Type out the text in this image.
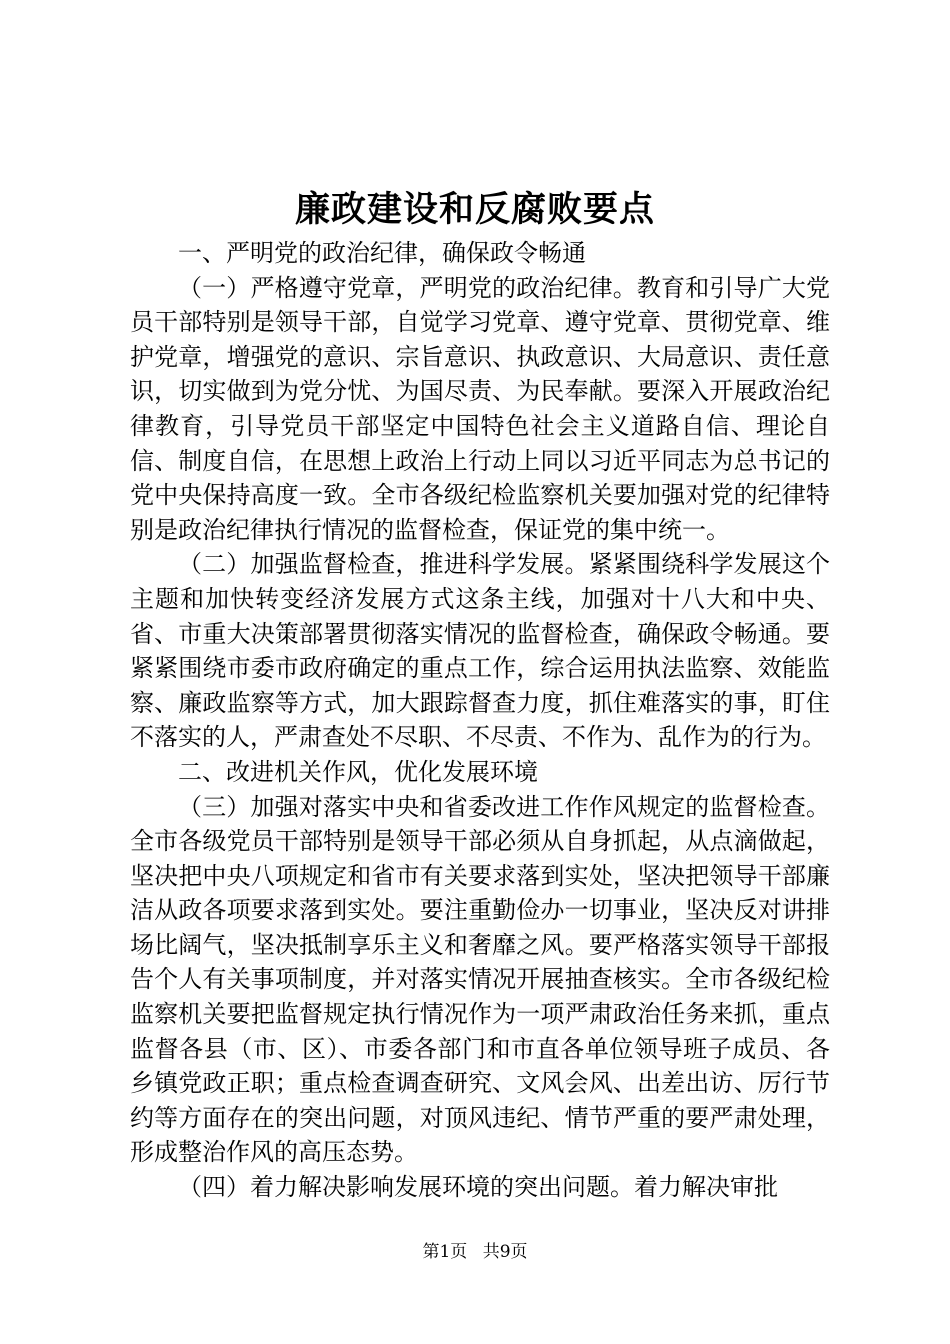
廉政建设和反腐败要点

一、严明党的政治纪律，确保政令畅通

（一）严格遵守党章，严明党的政治纪律。教育和引导广大党员干部特别是领导干部，自觉学习党章、遵守党章、贯彻党章、维护党章，增强党的意识、宗旨意识、执政意识、大局意识、责任意识，切实做到为党分忧、为国尽责、为民奉献。要深入开展政治纪律教育，引导党员干部坚定中国特色社会主义道路自信、理论自信、制度自信，在思想上政治上行动上同以习近平同志为总书记的党中央保持高度一致。全市各级纪检监察机关要加强对党的纪律特别是政治纪律执行情况的监督检查，保证党的集中统一。

（二）加强监督检查，推进科学发展。紧紧围绕科学发展这个主题和加快转变经济发展方式这条主线，加强对十八大和中央、省、市重大决策部署贯彻落实情况的监督检查，确保政令畅通。要紧紧围绕市委市政府确定的重点工作，综合运用执法监察、效能监察、廉政监察等方式，加大跟踪督查力度，抓住难落实的事，盯住不落实的人，严肃查处不尽职、不尽责、不作为、乱作为的行为。

二、改进机关作风，优化发展环境

（三）加强对落实中央和省委改进工作作风规定的监督检查。全市各级党员干部特别是领导干部必须从自身抓起，从点滴做起，坚决把中央八项规定和省市有关要求落到实处，坚决把领导干部廉洁从政各项要求落到实处。要注重勤俭办一切事业，坚决反对讲排场比阔气，坚决抵制享乐主义和奢靡之风。要严格落实领导干部报告个人有关事项制度，并对落实情况开展抽查核实。全市各级纪检监察机关要把监督规定执行情况作为一项严肃政治任务来抓，重点监督各县（市、区）、市委各部门和市直各单位领导班子成员、各乡镇党政正职；重点检查调查研究、文风会风、出差出访、厉行节约等方面存在的突出问题，对顶风违纪、情节严重的要严肃处理，形成整治作风的高压态势。

（四）着力解决影响发展环境的突出问题。着力解决审批

第1页 共9页
